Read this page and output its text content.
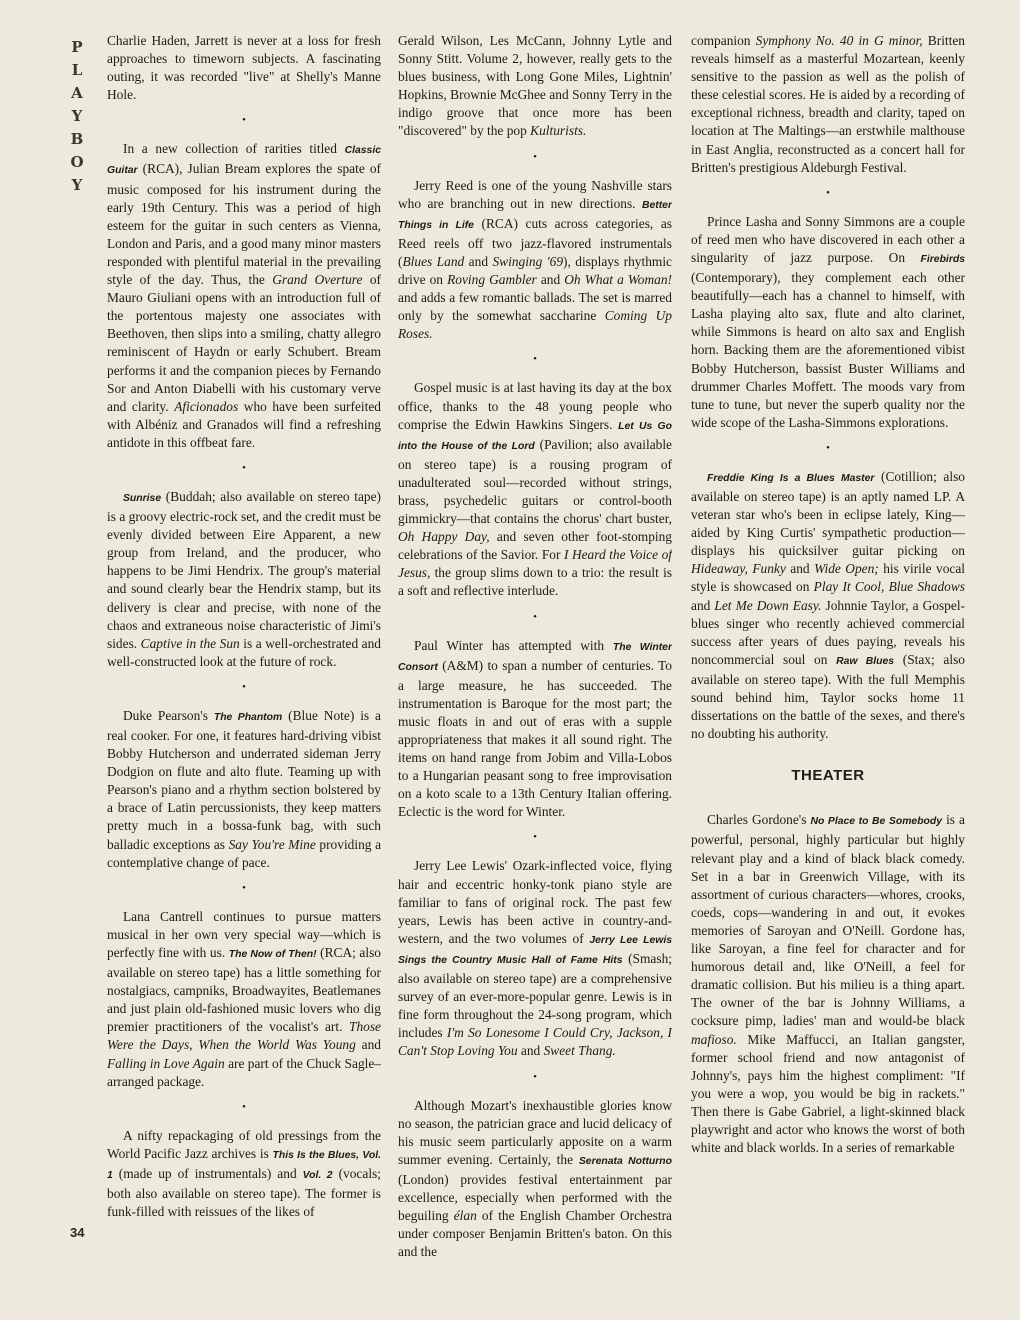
P
L
A
Y
B
O
Y
34

Charlie Haden, Jarrett is never at a loss for fresh approaches to timeworn subjects. A fascinating outing, it was recorded "live" at Shelly's Manne Hole.

•

In a new collection of rarities titled Classic Guitar (RCA), Julian Bream explores the spate of music composed for his instrument during the early 19th Century. This was a period of high esteem for the guitar in such centers as Vienna, London and Paris, and a good many minor masters responded with plentiful material in the prevailing style of the day. Thus, the Grand Overture of Mauro Giuliani opens with an introduction full of the portentous majesty one associates with Beethoven, then slips into a smiling, chatty allegro reminiscent of Haydn or early Schubert. Bream performs it and the companion pieces by Fernando Sor and Anton Diabelli with his customary verve and clarity. Aficionados who have been surfeited with Albéniz and Granados will find a refreshing antidote in this offbeat fare.

•

Sunrise (Buddah; also available on stereo tape) is a groovy electric-rock set, and the credit must be evenly divided between Eire Apparent, a new group from Ireland, and the producer, who happens to be Jimi Hendrix. The group's material and sound clearly bear the Hendrix stamp, but its delivery is clear and precise, with none of the chaos and extraneous noise characteristic of Jimi's sides. Captive in the Sun is a well-orchestrated and well-constructed look at the future of rock.

•

Duke Pearson's The Phantom (Blue Note) is a real cooker. For one, it features hard-driving vibist Bobby Hutcherson and underrated sideman Jerry Dodgion on flute and alto flute. Teaming up with Pearson's piano and a rhythm section bolstered by a brace of Latin percussionists, they keep matters pretty much in a bossa-funk bag, with such balladic exceptions as Say You're Mine providing a contemplative change of pace.

•

Lana Cantrell continues to pursue matters musical in her own very special way—which is perfectly fine with us. The Now of Then! (RCA; also available on stereo tape) has a little something for nostalgiacs, campniks, Broadwayites, Beatlemanes and just plain old-fashioned music lovers who dig premier practitioners of the vocalist's art. Those Were the Days, When the World Was Young and Falling in Love Again are part of the Chuck Sagle–arranged package.

•

A nifty repackaging of old pressings from the World Pacific Jazz archives is This Is the Blues, Vol. 1 (made up of instrumentals) and Vol. 2 (vocals; both also available on stereo tape). The former is funk-filled with reissues of the likes of

Gerald Wilson, Les McCann, Johnny Lytle and Sonny Stitt. Volume 2, however, really gets to the blues business, with Long Gone Miles, Lightnin' Hopkins, Brownie McGhee and Sonny Terry in the indigo groove that once more has been "discovered" by the pop Kulturists.

•

Jerry Reed is one of the young Nashville stars who are branching out in new directions. Better Things in Life (RCA) cuts across categories, as Reed reels off two jazz-flavored instrumentals (Blues Land and Swinging '69), displays rhythmic drive on Roving Gambler and Oh What a Woman! and adds a few romantic ballads. The set is marred only by the somewhat saccharine Coming Up Roses.

•

Gospel music is at last having its day at the box office, thanks to the 48 young people who comprise the Edwin Hawkins Singers. Let Us Go into the House of the Lord (Pavilion; also available on stereo tape) is a rousing program of unadulterated soul—recorded without strings, brass, psychedelic guitars or control-booth gimmickry—that contains the chorus' chart buster, Oh Happy Day, and seven other foot-stomping celebrations of the Savior. For I Heard the Voice of Jesus, the group slims down to a trio: the result is a soft and reflective interlude.

•

Paul Winter has attempted with The Winter Consort (A&M) to span a number of centuries. To a large measure, he has succeeded. The instrumentation is Baroque for the most part; the music floats in and out of eras with a supple appropriateness that makes it all sound right. The items on hand range from Jobim and Villa-Lobos to a Hungarian peasant song to free improvisation on a koto scale to a 13th Century Italian offering. Eclectic is the word for Winter.

•

Jerry Lee Lewis' Ozark-inflected voice, flying hair and eccentric honky-tonk piano style are familiar to fans of original rock. The past few years, Lewis has been active in country-and-western, and the two volumes of Jerry Lee Lewis Sings the Country Music Hall of Fame Hits (Smash; also available on stereo tape) are a comprehensive survey of an ever-more-popular genre. Lewis is in fine form throughout the 24-song program, which includes I'm So Lonesome I Could Cry, Jackson, I Can't Stop Loving You and Sweet Thang.

•

Although Mozart's inexhaustible glories know no season, the patrician grace and lucid delicacy of his music seem particularly apposite on a warm summer evening. Certainly, the Serenata Notturno (London) provides festival entertainment par excellence, especially when performed with the beguiling élan of the English Chamber Orchestra under composer Benjamin Britten's baton. On this and the

companion Symphony No. 40 in G minor, Britten reveals himself as a masterful Mozartean, keenly sensitive to the passion as well as the polish of these celestial scores. He is aided by a recording of exceptional richness, breadth and clarity, taped on location at The Maltings—an erstwhile malthouse in East Anglia, reconstructed as a concert hall for Britten's prestigious Aldeburgh Festival.

•

Prince Lasha and Sonny Simmons are a couple of reed men who have discovered in each other a singularity of jazz purpose. On Firebirds (Contemporary), they complement each other beautifully—each has a channel to himself, with Lasha playing alto sax, flute and alto clarinet, while Simmons is heard on alto sax and English horn. Backing them are the aforementioned vibist Bobby Hutcherson, bassist Buster Williams and drummer Charles Moffett. The moods vary from tune to tune, but never the superb quality nor the wide scope of the Lasha-Simmons explorations.

•

Freddie King Is a Blues Master (Cotillion; also available on stereo tape) is an aptly named LP. A veteran star who's been in eclipse lately, King—aided by King Curtis' sympathetic production—displays his quicksilver guitar picking on Hideaway, Funky and Wide Open; his virile vocal style is showcased on Play It Cool, Blue Shadows and Let Me Down Easy. Johnnie Taylor, a Gospel-blues singer who recently achieved commercial success after years of dues paying, reveals his noncommercial soul on Raw Blues (Stax; also available on stereo tape). With the full Memphis sound behind him, Taylor socks home 11 dissertations on the battle of the sexes, and there's no doubting his authority.

THEATER

Charles Gordone's No Place to Be Somebody is a powerful, personal, highly particular but highly relevant play and a kind of black black comedy. Set in a bar in Greenwich Village, with its assortment of curious characters—whores, crooks, coeds, cops—wandering in and out, it evokes memories of Saroyan and O'Neill. Gordone has, like Saroyan, a fine feel for character and for humorous detail and, like O'Neill, a feel for dramatic collision. But his milieu is a thing apart. The owner of the bar is Johnny Williams, a cocksure pimp, ladies' man and would-be black mafioso. Mike Maffucci, an Italian gangster, former school friend and now antagonist of Johnny's, pays him the highest compliment: "If you were a wop, you would be big in rackets." Then there is Gabe Gabriel, a light-skinned black playwright and actor who knows the worst of both white and black worlds. In a series of remarkable
